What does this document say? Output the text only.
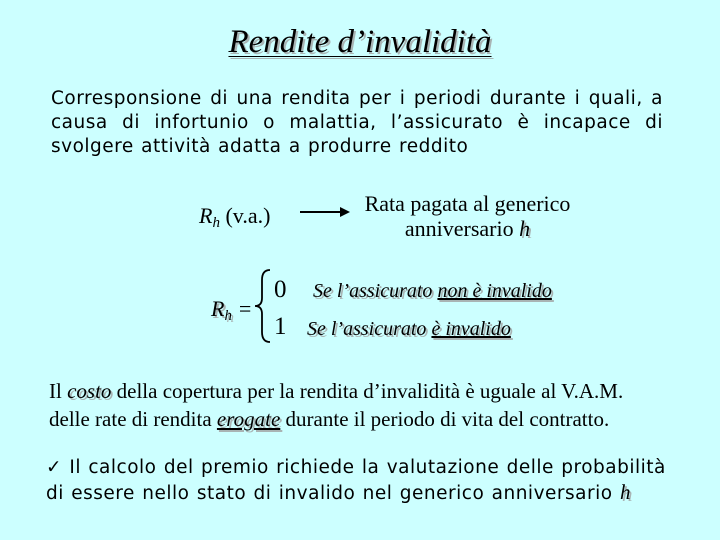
Rendite d’invalidità
Corresponsione di una rendita per i periodi durante i quali, a causa di infortunio o malattia, l’assicurato è incapace di svolgere attività adatta a produrre reddito
$R_h$ (v.a.)	Rata pagata al generico
anniversario h
$R_h$ =
0 Se l’assicurato non è invalido
1 Se l’assicurato è invalido
Il costo della copertura per la rendita d’invalidità è uguale al V.A.M.
delle rate di rendita erogate durante il periodo di vita del contratto.
✓ Il calcolo del premio richiede la valutazione delle probabilità di essere nello stato di invalido nel generico anniversario h
